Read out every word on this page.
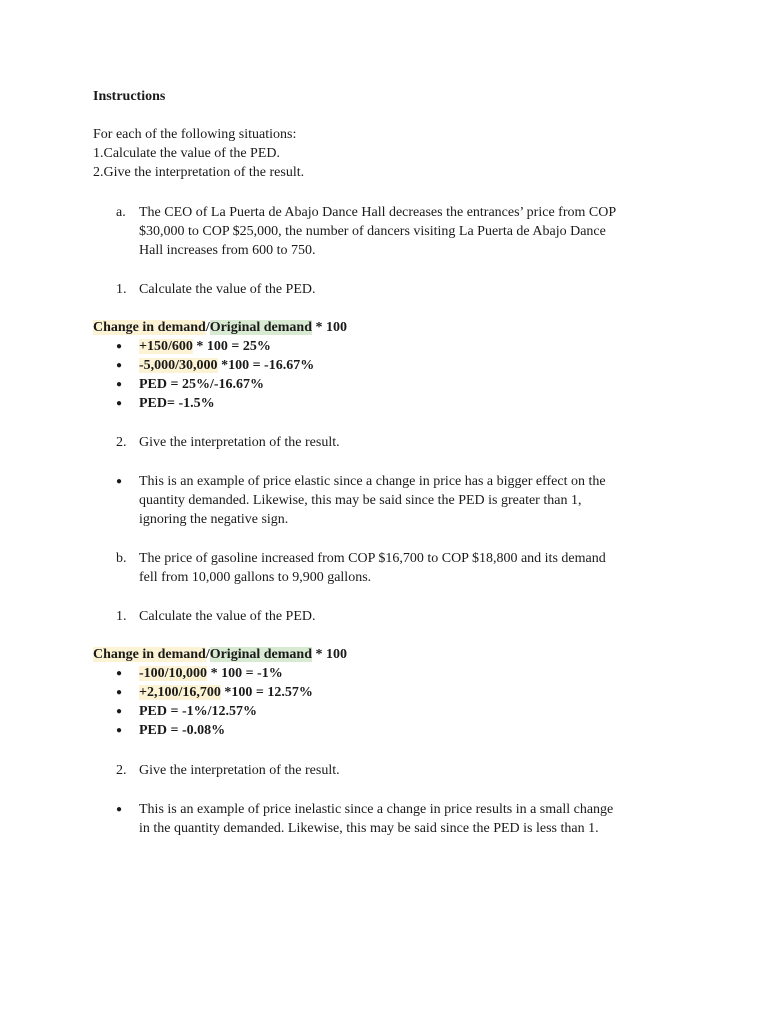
Instructions
For each of the following situations:
1.Calculate the value of the PED.
2.Give the interpretation of the result.
a. The CEO of La Puerta de Abajo Dance Hall decreases the entrances’ price from COP
$30,000 to COP $25,000, the number of dancers visiting La Puerta de Abajo Dance
Hall increases from 600 to 750.
1. Calculate the value of the PED.
Change in demand/Original demand * 100
● +150/600 * 100 = 25%
● -5,000/30,000 *100 = -16.67%
● PED = 25%/-16.67%
● PED= -1.5%
2. Give the interpretation of the result.
● This is an example of price elastic since a change in price has a bigger effect on the
quantity demanded. Likewise, this may be said since the PED is greater than 1,
ignoring the negative sign.
b. The price of gasoline increased from COP $16,700 to COP $18,800 and its demand
fell from 10,000 gallons to 9,900 gallons.
1. Calculate the value of the PED.
Change in demand/Original demand * 100
● -100/10,000 * 100 = -1%
● +2,100/16,700 *100 = 12.57%
● PED = -1%/12.57%
● PED = -0.08%
2. Give the interpretation of the result.
● This is an example of price inelastic since a change in price results in a small change
in the quantity demanded. Likewise, this may be said since the PED is less than 1.
